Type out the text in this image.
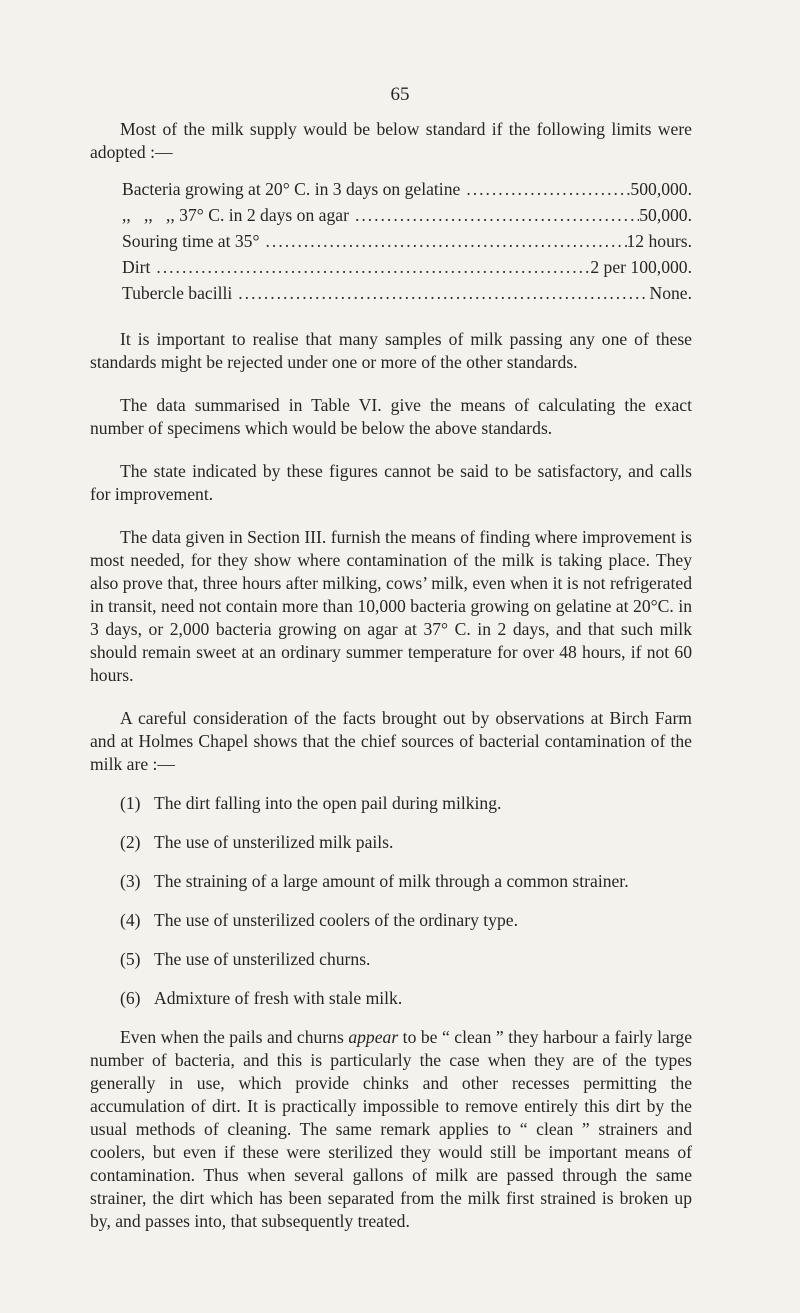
65

Most of the milk supply would be below standard if the following limits were adopted :—

Bacteria growing at 20° C. in 3 days on gelatine .....	500,000.
,,   ,,   ,, 37° C. in 2 days on agar .....	50,000.
Souring time at 35° .....	12 hours.
Dirt .....	2 per 100,000.
Tubercle bacilli .....	None.

It is important to realise that many samples of milk passing any one of these standards might be rejected under one or more of the other standards.

The data summarised in Table VI. give the means of calculating the exact number of specimens which would be below the above standards.

The state indicated by these figures cannot be said to be satisfactory, and calls for improvement.

The data given in Section III. furnish the means of finding where improvement is most needed, for they show where contamination of the milk is taking place. They also prove that, three hours after milking, cows’ milk, even when it is not refrigerated in transit, need not contain more than 10,000 bacteria growing on gelatine at 20°C. in 3 days, or 2,000 bacteria growing on agar at 37° C. in 2 days, and that such milk should remain sweet at an ordinary summer temperature for over 48 hours, if not 60 hours.

A careful consideration of the facts brought out by observations at Birch Farm and at Holmes Chapel shows that the chief sources of bacterial contamination of the milk are :—

(1) The dirt falling into the open pail during milking.
(2) The use of unsterilized milk pails.
(3) The straining of a large amount of milk through a common strainer.
(4) The use of unsterilized coolers of the ordinary type.
(5) The use of unsterilized churns.
(6) Admixture of fresh with stale milk.

Even when the pails and churns appear to be “ clean ” they harbour a fairly large number of bacteria, and this is particularly the case when they are of the types generally in use, which provide chinks and other recesses permitting the accumulation of dirt. It is practically impossible to remove entirely this dirt by the usual methods of cleaning. The same remark applies to “ clean ” strainers and coolers, but even if these were sterilized they would still be important means of contamination. Thus when several gallons of milk are passed through the same strainer, the dirt which has been separated from the milk first strained is broken up by, and passes into, that subsequently treated.
